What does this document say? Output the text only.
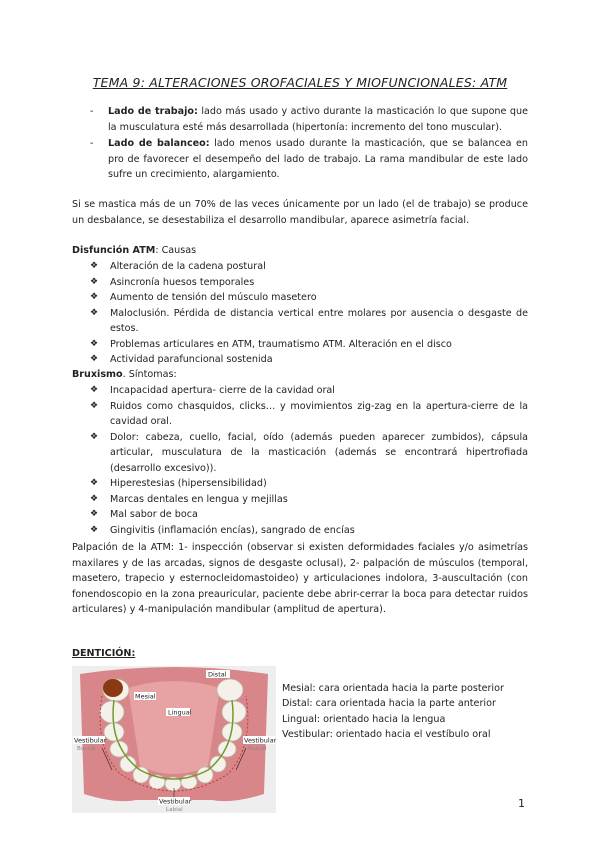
TEMA 9: ALTERACIONES OROFACIALES Y MIOFUNCIONALES: ATM
- Lado de trabajo: lado más usado y activo durante la masticación lo que supone que la musculatura esté más desarrollada (hipertonía: incremento del tono muscular).
- Lado de balanceo: lado menos usado durante la masticación, que se balancea en pro de favorecer el desempeño del lado de trabajo. La rama mandibular de este lado sufre un crecimiento, alargamiento.
Si se mastica más de un 70% de las veces únicamente por un lado (el de trabajo) se produce un desbalance, se desestabiliza el desarrollo mandibular, aparece asimetría facial.
Disfunción ATM: Causas
❖ Alteración de la cadena postural
❖ Asincronía huesos temporales
❖ Aumento de tensión del músculo masetero
❖ Maloclusión. Pérdida de distancia vertical entre molares por ausencia o desgaste de estos.
❖ Problemas articulares en ATM, traumatismo ATM. Alteración en el disco
❖ Actividad parafuncional sostenida
Bruxismo. Síntomas:
❖ Incapacidad apertura- cierre de la cavidad oral
❖ Ruidos como chasquidos, clicks… y movimientos zig-zag en la apertura-cierre de la cavidad oral.
❖ Dolor: cabeza, cuello, facial, oído (además pueden aparecer zumbidos), cápsula articular, musculatura de la masticación (además se encontrará hipertrofiada (desarrollo excesivo)).
❖ Hiperestesias (hipersensibilidad)
❖ Marcas dentales en lengua y mejillas
❖ Mal sabor de boca
❖ Gingivitis (inflamación encías), sangrado de encías
Palpación de la ATM: 1- inspección (observar si existen deformidades faciales y/o asimetrías maxilares y de las arcadas, signos de desgaste oclusal), 2- palpación de músculos (temporal, masetero, trapecio y esternocleidomastoideo) y articulaciones indolora, 3-auscultación (con fonendoscopio en la zona preauricular, paciente debe abrir-cerrar la boca para detectar ruidos articulares) y 4-manipulación mandibular (amplitud de apertura).
DENTICIÓN:
Distal
Mesial
Lingual
Vestibular
Buccal
Vestibular
Buccal
Vestibular
Labial
Mesial: cara orientada hacia la parte posterior
Distal: cara orientada hacia la parte anterior
Lingual: orientado hacia la lengua
Vestibular: orientado hacia el vestíbulo oral
1
